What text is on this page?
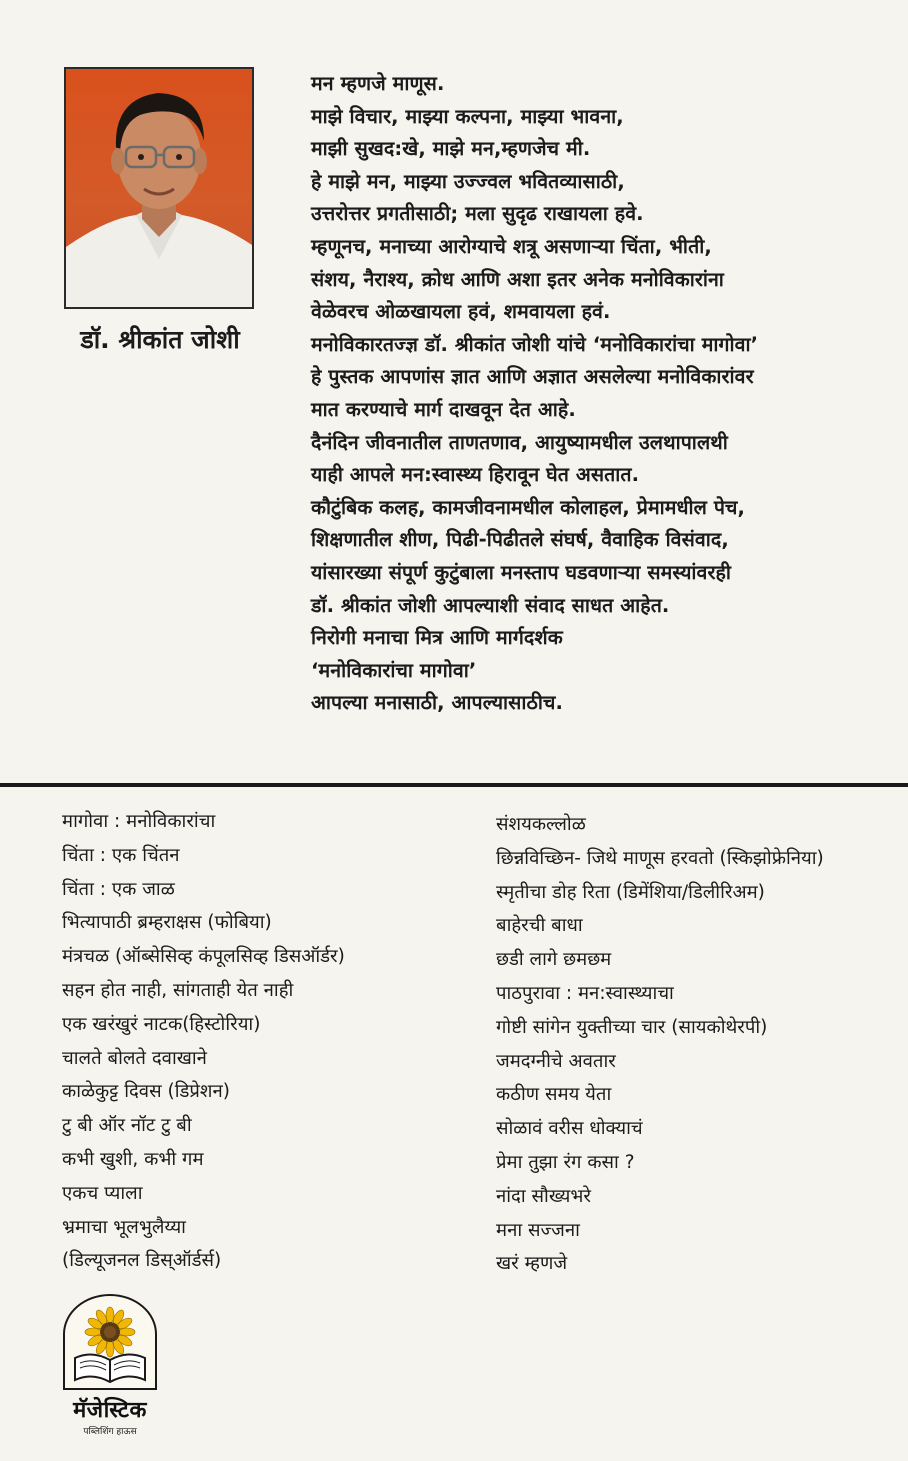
डॉ. श्रीकांत जोशी

मन म्हणजे माणूस.
माझे विचार, माझ्या कल्पना, माझ्या भावना,
माझी सुखद:खे, माझे मन,म्हणजेच मी.
हे माझे मन, माझ्या उज्ज्वल भवितव्यासाठी,
उत्तरोत्तर प्रगतीसाठी; मला सुदृढ राखायला हवे.
म्हणूनच, मनाच्या आरोग्याचे शत्रू असणाऱ्या चिंता, भीती,
संशय, नैराश्य, क्रोध आणि अशा इतर अनेक मनोविकारांना
वेळेवरच ओळखायला हवं, शमवायला हवं.
मनोविकारतज्ज्ञ डॉ. श्रीकांत जोशी यांचे ‘मनोविकारांचा मागोवा’
हे पुस्तक आपणांस ज्ञात आणि अज्ञात असलेल्या मनोविकारांवर
मात करण्याचे मार्ग दाखवून देत आहे.
दैनंदिन जीवनातील ताणतणाव, आयुष्यामधील उलथापालथी
याही आपले मन:स्वास्थ्य हिरावून घेत असतात.
कौटुंबिक कलह, कामजीवनामधील कोलाहल, प्रेमामधील पेच,
शिक्षणातील शीण, पिढी-पिढीतले संघर्ष, वैवाहिक विसंवाद,
यांसारख्या संपूर्ण कुटुंबाला मनस्ताप घडवणाऱ्या समस्यांवरही
डॉ. श्रीकांत जोशी आपल्याशी संवाद साधत आहेत.
निरोगी मनाचा मित्र आणि मार्गदर्शक
‘मनोविकारांचा मागोवा’
आपल्या मनासाठी, आपल्यासाठीच.
मागोवा : मनोविकारांचा
चिंता : एक चिंतन
चिंता : एक जाळ
भित्यापाठी ब्रम्हराक्षस (फोबिया)
मंत्रचळ (ऑब्सेसिव्ह कंपूलसिव्ह डिसऑर्डर)
सहन होत नाही, सांगताही येत नाही
एक खरंखुरं नाटक(हिस्टोरिया)
चालते बोलते दवाखाने
काळेकुट्ट दिवस (डिप्रेशन)
टु बी ऑर नॉट टु बी
कभी खुशी, कभी गम
एकच प्याला
भ्रमाचा भूलभुलैय्या
(डिल्यूजनल डिस्ऑर्डर्स)
संशयकल्लोळ
छिन्नविच्छिन- जिथे माणूस हरवतो (स्किझोफ्रेनिया)
स्मृतीचा डोह रिता (डिमेंशिया/डिलीरिअम)
बाहेरची बाधा
छडी लागे छमछम
पाठपुरावा : मन:स्वास्थ्याचा
गोष्टी सांगेन युक्तीच्या चार (सायकोथेरपी)
जमदग्नीचे अवतार
कठीण समय येता
सोळावं वरीस धोक्याचं
प्रेमा तुझा रंग कसा ?
नांदा सौख्यभरे
मना सज्जना
खरं म्हणजे
मॅजेस्टिक
पब्लिशिंग हाऊस
